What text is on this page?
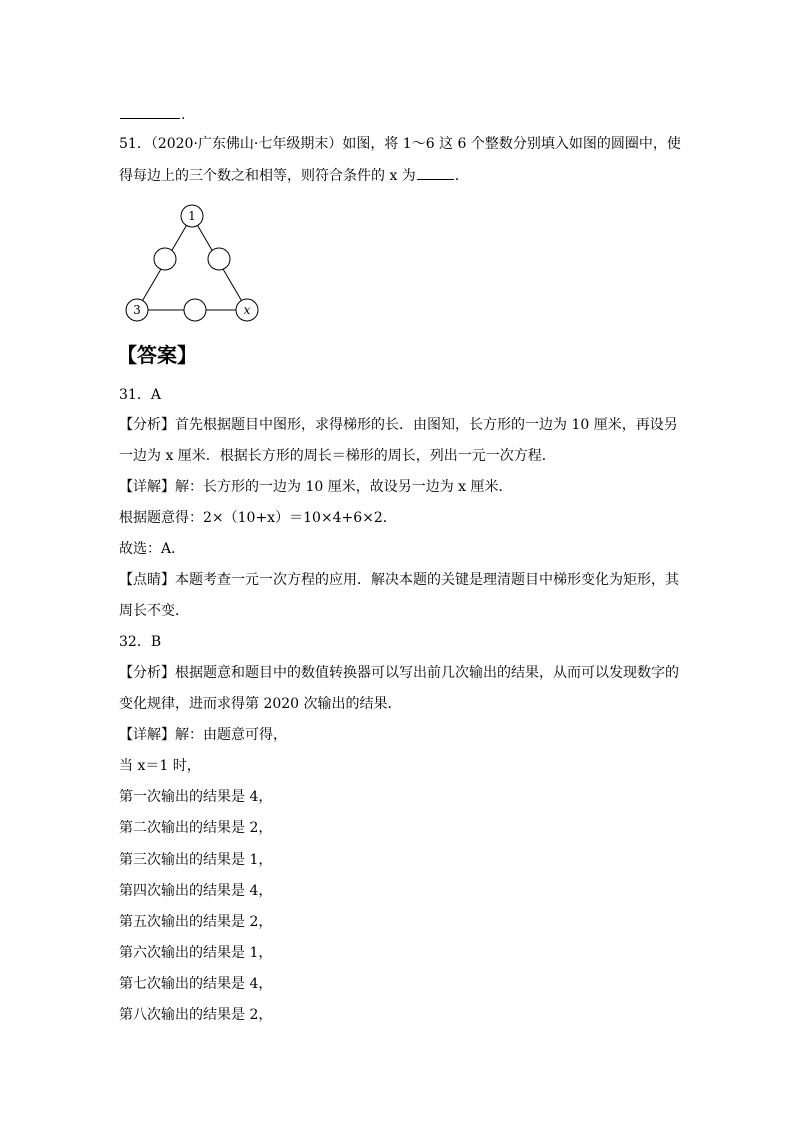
.
51．（2020·广东佛山·七年级期末）如图，将 1～6 这 6 个整数分别填入如图的圆圈中，使
得每边上的三个数之和相等，则符合条件的 x 为	.
1
3	x
【答案】
31．A
【分析】首先根据题目中图形，求得梯形的长．由图知，长方形的一边为 10 厘米，再设另
一边为 x 厘米．根据长方形的周长＝梯形的周长，列出一元一次方程．
【详解】解：长方形的一边为 10 厘米，故设另一边为 x 厘米．
根据题意得：2×（10+x）＝10×4+6×2．
故选：A．
【点睛】本题考查一元一次方程的应用．解决本题的关键是理清题目中梯形变化为矩形，其
周长不变．
32．B
【分析】根据题意和题目中的数值转换器可以写出前几次输出的结果，从而可以发现数字的
变化规律，进而求得第 2020 次输出的结果．
【详解】解：由题意可得，
当 x＝1 时，
第一次输出的结果是 4，
第二次输出的结果是 2，
第三次输出的结果是 1，
第四次输出的结果是 4，
第五次输出的结果是 2，
第六次输出的结果是 1，
第七次输出的结果是 4，
第八次输出的结果是 2，
